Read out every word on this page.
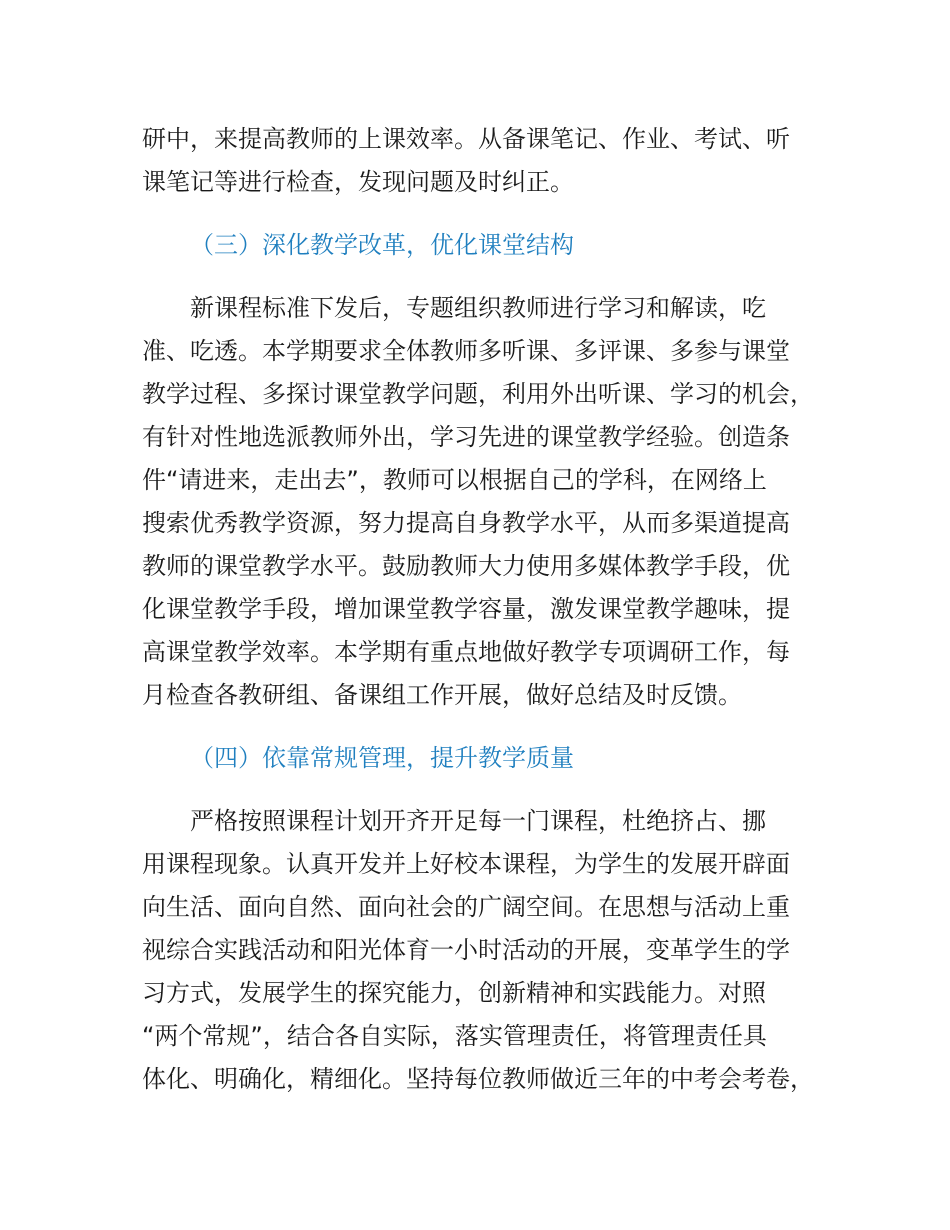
研中，来提高教师的上课效率。从备课笔记、作业、考试、听
课笔记等进行检查，发现问题及时纠正。
（三）深化教学改革，优化课堂结构
新课程标准下发后，专题组织教师进行学习和解读，吃
准、吃透。本学期要求全体教师多听课、多评课、多参与课堂
教学过程、多探讨课堂教学问题，利用外出听课、学习的机会，
有针对性地选派教师外出，学习先进的课堂教学经验。创造条
件“请进来，走出去”，教师可以根据自己的学科，在网络上
搜索优秀教学资源，努力提高自身教学水平，从而多渠道提高
教师的课堂教学水平。鼓励教师大力使用多媒体教学手段，优
化课堂教学手段，增加课堂教学容量，激发课堂教学趣味，提
高课堂教学效率。本学期有重点地做好教学专项调研工作，每
月检查各教研组、备课组工作开展，做好总结及时反馈。
（四）依靠常规管理，提升教学质量
严格按照课程计划开齐开足每一门课程，杜绝挤占、挪
用课程现象。认真开发并上好校本课程，为学生的发展开辟面
向生活、面向自然、面向社会的广阔空间。在思想与活动上重
视综合实践活动和阳光体育一小时活动的开展，变革学生的学
习方式，发展学生的探究能力，创新精神和实践能力。对照
“两个常规”，结合各自实际，落实管理责任，将管理责任具
体化、明确化，精细化。坚持每位教师做近三年的中考会考卷，
